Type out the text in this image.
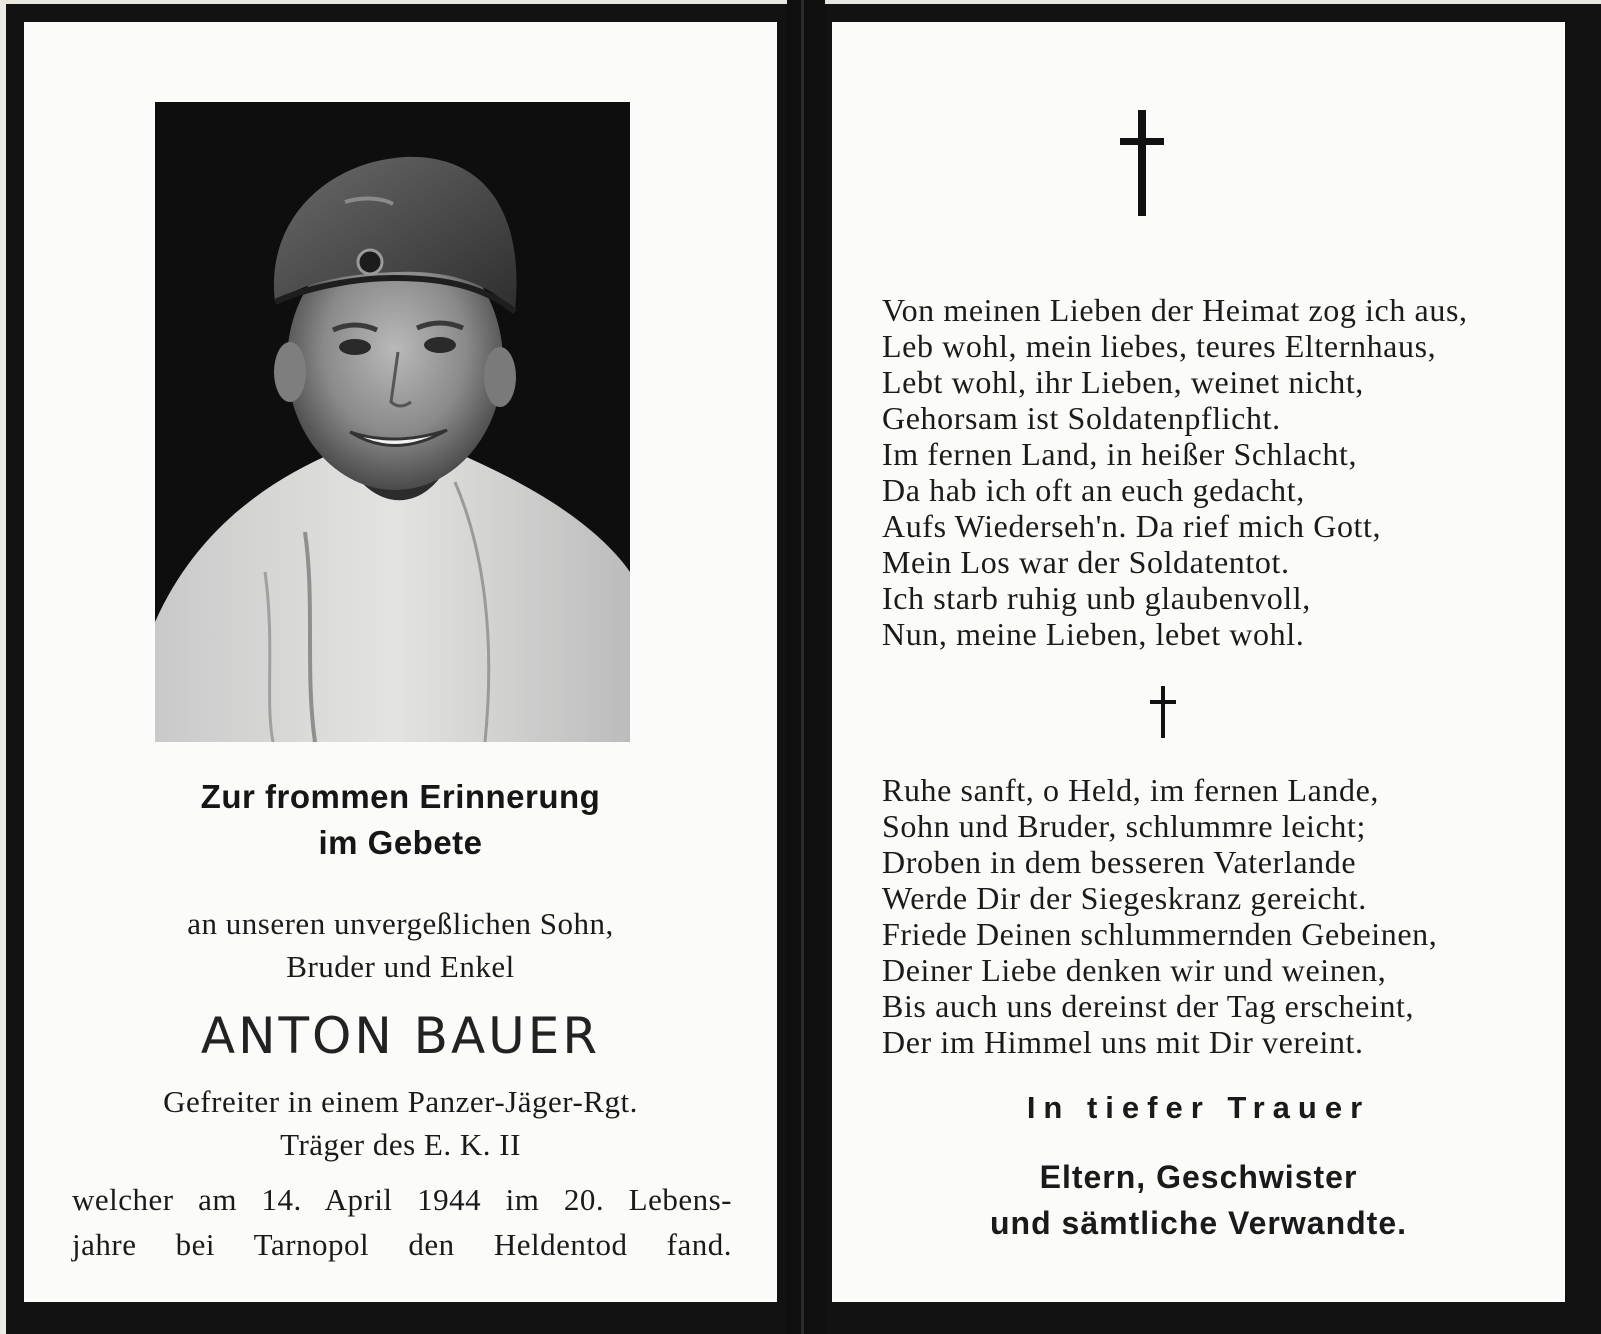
Zur frommen Erinnerung
im Gebete
an unseren unvergeßlichen Sohn,
Bruder und Enkel
ANTON BAUER
Gefreiter in einem Panzer-Jäger-Rgt.
Träger des E. K. II
welcher am 14. April 1944 im 20. Lebens-
jahre bei Tarnopol den Heldentod fand.
Von meinen Lieben der Heimat zog ich aus,
Leb wohl, mein liebes, teures Elternhaus,
Lebt wohl, ihr Lieben, weinet nicht,
Gehorsam ist Soldatenpflicht.
Im fernen Land, in heißer Schlacht,
Da hab ich oft an euch gedacht,
Aufs Wiederseh'n. Da rief mich Gott,
Mein Los war der Soldatentot.
Ich starb ruhig unb glaubenvoll,
Nun, meine Lieben, lebet wohl.
Ruhe sanft, o Held, im fernen Lande,
Sohn und Bruder, schlummre leicht;
Droben in dem besseren Vaterlande
Werde Dir der Siegeskranz gereicht.
Friede Deinen schlummernden Gebeinen,
Deiner Liebe denken wir und weinen,
Bis auch uns dereinst der Tag erscheint,
Der im Himmel uns mit Dir vereint.
In tiefer Trauer
Eltern, Geschwister
und sämtliche Verwandte.
